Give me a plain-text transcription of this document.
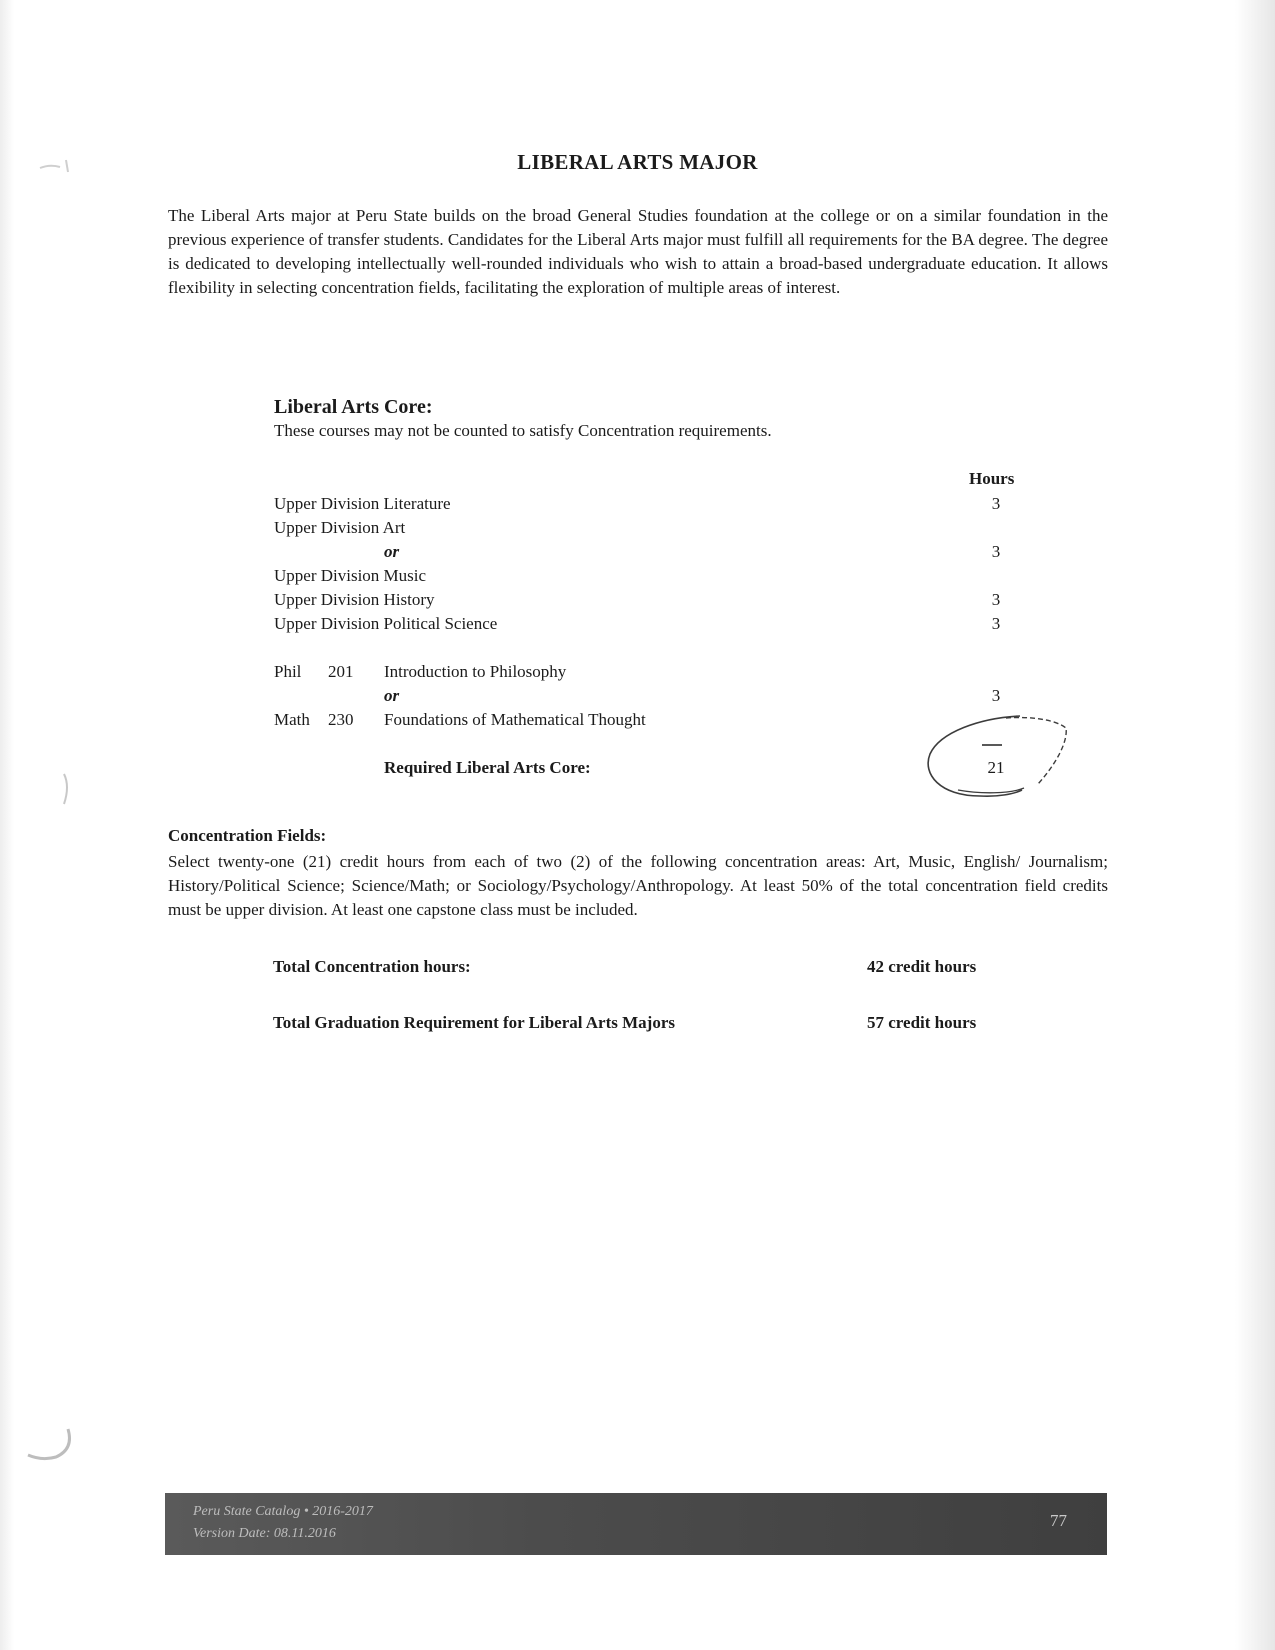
LIBERAL ARTS MAJOR

The Liberal Arts major at Peru State builds on the broad General Studies foundation at the college or on a similar foundation in the previous experience of transfer students. Candidates for the Liberal Arts major must fulfill all requirements for the BA degree. The degree is dedicated to developing intellectually well-rounded individuals who wish to attain a broad-based undergraduate education. It allows flexibility in selecting concentration fields, facilitating the exploration of multiple areas of interest.

Liberal Arts Core:
These courses may not be counted to satisfy Concentration requirements.
Hours
Upper Division Literature	3
Upper Division Art
or	3
Upper Division Music
Upper Division History	3
Upper Division Political Science	3
Phil 201 Introduction to Philosophy
or	3
Math 230 Foundations of Mathematical Thought
Required Liberal Arts Core:	21
Concentration Fields:

Select twenty-one (21) credit hours from each of two (2) of the following concentration areas: Art, Music, English/ Journalism; History/Political Science; Science/Math; or Sociology/Psychology/Anthropology. At least 50% of the total concentration field credits must be upper division. At least one capstone class must be included.

Total Concentration hours:	42 credit hours
Total Graduation Requirement for Liberal Arts Majors	57 credit hours
Peru State Catalog • 2016-2017
Version Date: 08.11.2016
77
